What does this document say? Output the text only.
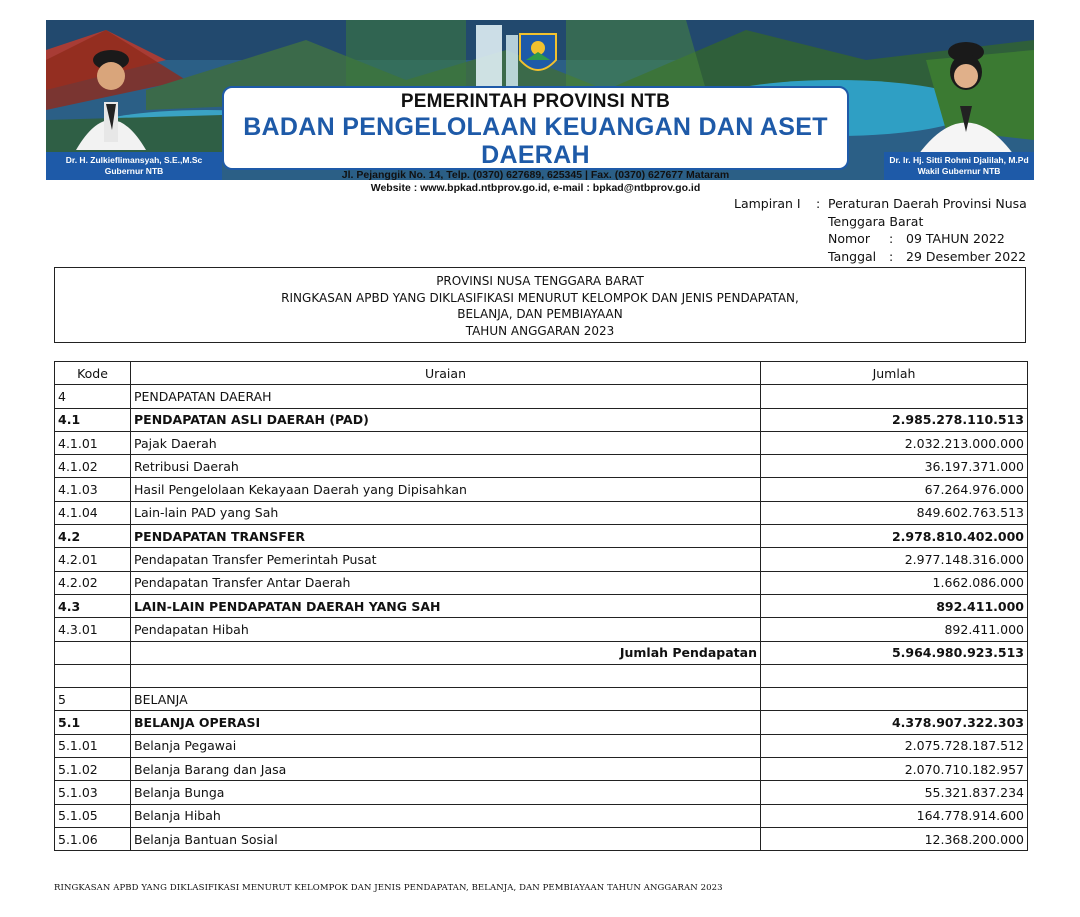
PEMERINTAH PROVINSI NTB
BADAN PENGELOLAAN KEUANGAN DAN ASET DAERAH
Jl. Pejanggik No. 14, Telp. (0370) 627689, 625345 | Fax. (0370) 627677 Mataram
Website : www.bpkad.ntbprov.go.id, e-mail : bpkad@ntbprov.go.id
Dr. H. Zulkieflimansyah, S.E.,M.Sc
Gubernur NTB
Dr. Ir. Hj. Sitti Rohmi Djalilah, M.Pd
Wakil Gubernur NTB
Lampiran I : Peraturan Daerah Provinsi Nusa
Tenggara Barat
Nomor : 09 TAHUN 2022
Tanggal : 29 Desember 2022
PROVINSI NUSA TENGGARA BARAT
RINGKASAN APBD YANG DIKLASIFIKASI MENURUT KELOMPOK DAN JENIS PENDAPATAN,
BELANJA, DAN PEMBIAYAAN
TAHUN ANGGARAN 2023
Kode	Uraian	Jumlah
4	PENDAPATAN DAERAH	
4.1	PENDAPATAN ASLI DAERAH (PAD)	2.985.278.110.513
4.1.01	Pajak Daerah	2.032.213.000.000
4.1.02	Retribusi Daerah	36.197.371.000
4.1.03	Hasil Pengelolaan Kekayaan Daerah yang Dipisahkan	67.264.976.000
4.1.04	Lain-lain PAD yang Sah	849.602.763.513
4.2	PENDAPATAN TRANSFER	2.978.810.402.000
4.2.01	Pendapatan Transfer Pemerintah Pusat	2.977.148.316.000
4.2.02	Pendapatan Transfer Antar Daerah	1.662.086.000
4.3	LAIN-LAIN PENDAPATAN DAERAH YANG SAH	892.411.000
4.3.01	Pendapatan Hibah	892.411.000
	Jumlah Pendapatan	5.964.980.923.513

5	BELANJA	
5.1	BELANJA OPERASI	4.378.907.322.303
5.1.01	Belanja Pegawai	2.075.728.187.512
5.1.02	Belanja Barang dan Jasa	2.070.710.182.957
5.1.03	Belanja Bunga	55.321.837.234
5.1.05	Belanja Hibah	164.778.914.600
5.1.06	Belanja Bantuan Sosial	12.368.200.000
RINGKASAN APBD YANG DIKLASIFIKASI MENURUT KELOMPOK DAN JENIS PENDAPATAN, BELANJA, DAN PEMBIAYAAN TAHUN ANGGARAN 2023
